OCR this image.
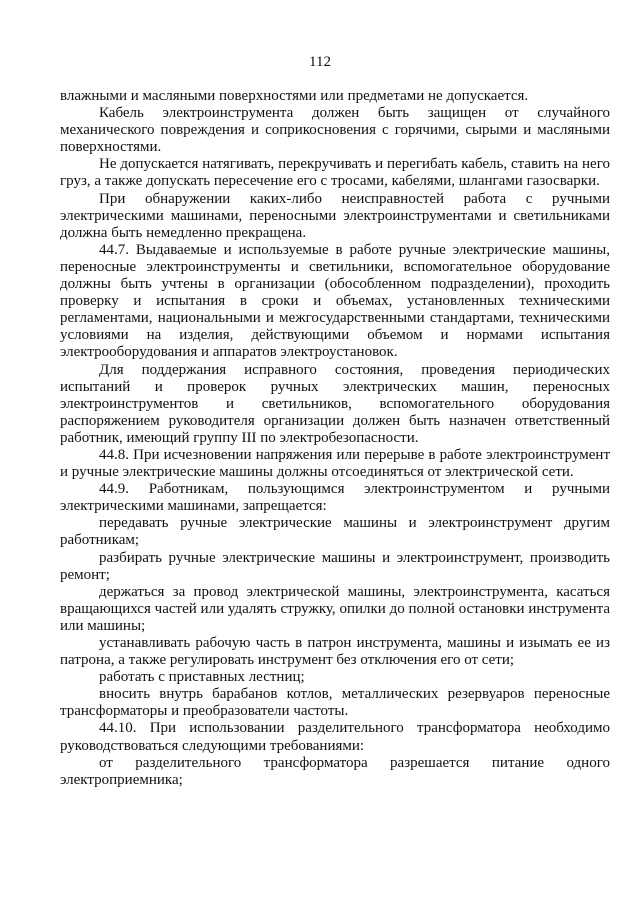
112

влажными и масляными поверхностями или предметами не допускается.

Кабель электроинструмента должен быть защищен от случайного механического повреждения и соприкосновения с горячими, сырыми и масляными поверхностями.

Не допускается натягивать, перекручивать и перегибать кабель, ставить на него груз, а также допускать пересечение его с тросами, кабелями, шлангами газосварки.

При обнаружении каких-либо неисправностей работа с ручными электрическими машинами, переносными электроинструментами и светильниками должна быть немедленно прекращена.

44.7. Выдаваемые и используемые в работе ручные электрические машины, переносные электроинструменты и светильники, вспомогательное оборудование должны быть учтены в организации (обособленном подразделении), проходить проверку и испытания в сроки и объемах, установленных техническими регламентами, национальными и межгосударственными стандартами, техническими условиями на изделия, действующими объемом и нормами испытания электрооборудования и аппаратов электроустановок.

Для поддержания исправного состояния, проведения периодических испытаний и проверок ручных электрических машин, переносных электроинструментов и светильников, вспомогательного оборудования распоряжением руководителя организации должен быть назначен ответственный работник, имеющий группу III по электробезопасности.

44.8. При исчезновении напряжения или перерыве в работе электроинструмент и ручные электрические машины должны отсоединяться от электрической сети.

44.9. Работникам, пользующимся электроинструментом и ручными электрическими машинами, запрещается:

передавать ручные электрические машины и электроинструмент другим работникам;

разбирать ручные электрические машины и электроинструмент, производить ремонт;

держаться за провод электрической машины, электроинструмента, касаться вращающихся частей или удалять стружку, опилки до полной остановки инструмента или машины;

устанавливать рабочую часть в патрон инструмента, машины и изымать ее из патрона, а также регулировать инструмент без отключения его от сети;

работать с приставных лестниц;

вносить внутрь барабанов котлов, металлических резервуаров переносные трансформаторы и преобразователи частоты.

44.10. При использовании разделительного трансформатора необходимо руководствоваться следующими требованиями:

от разделительного трансформатора разрешается питание одного электроприемника;
